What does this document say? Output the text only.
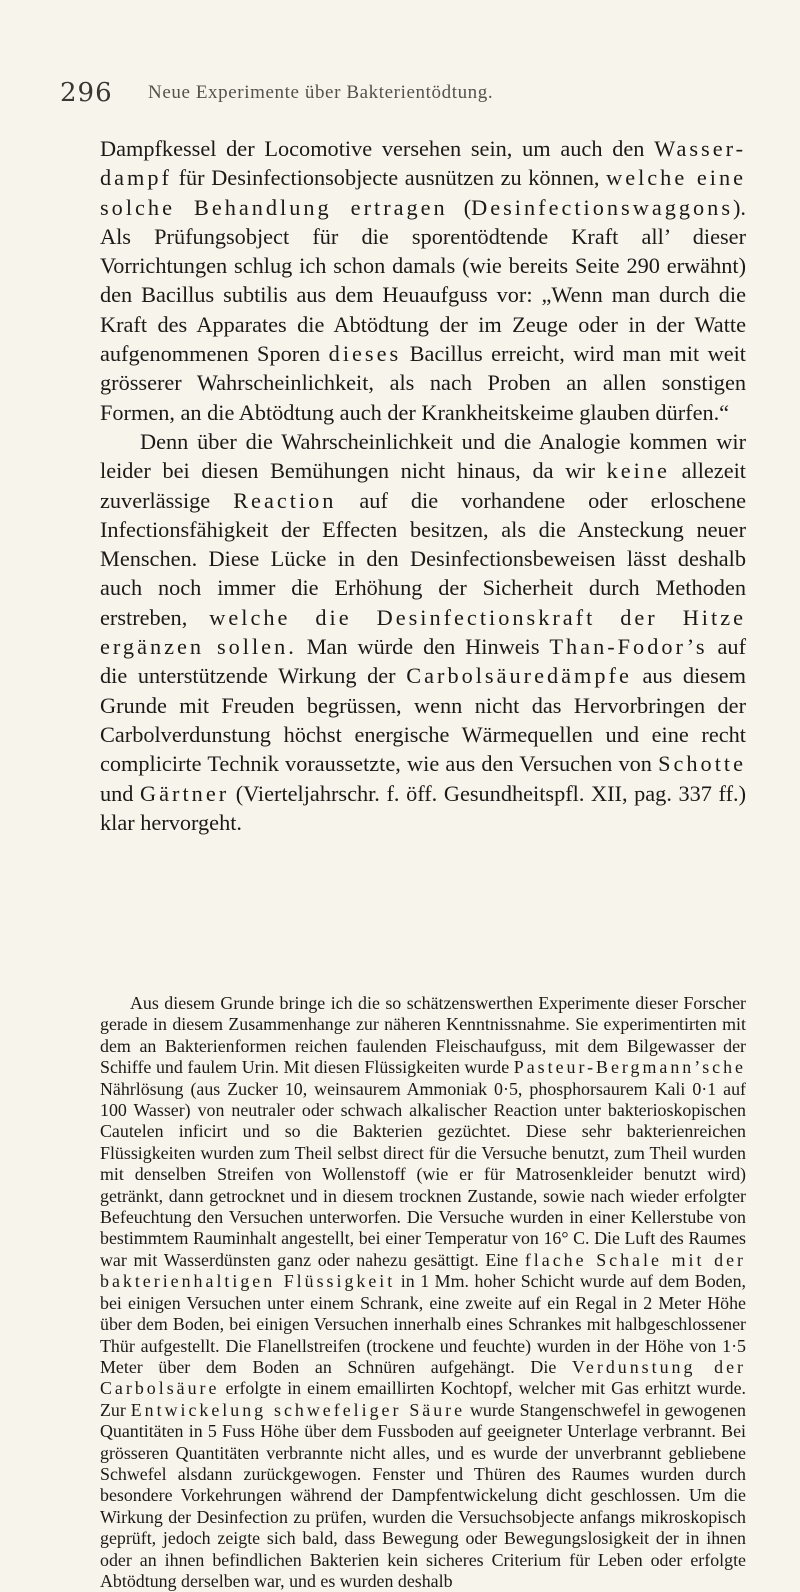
296 Neue Experimente über Bakterientödtung.

Dampfkessel der Locomotive versehen sein, um auch den Wasser-dampf für Desinfectionsobjecte ausnützen zu können, welche eine solche Behandlung ertragen (Desinfectionswaggons). Als Prüfungsobject für die sporentödtende Kraft all’ dieser Vorrichtungen schlug ich schon damals (wie bereits Seite 290 erwähnt) den Bacillus subtilis aus dem Heuaufguss vor: „Wenn man durch die Kraft des Apparates die Abtödtung der im Zeuge oder in der Watte aufgenommenen Sporen dieses Bacillus erreicht, wird man mit weit grösserer Wahrscheinlichkeit, als nach Proben an allen sonstigen Formen, an die Abtödtung auch der Krankheitskeime glauben dürfen.“

Denn über die Wahrscheinlichkeit und die Analogie kommen wir leider bei diesen Bemühungen nicht hinaus, da wir keine allezeit zuverlässige Reaction auf die vorhandene oder erloschene Infectionsfähigkeit der Effecten besitzen, als die Ansteckung neuer Menschen. Diese Lücke in den Desinfectionsbeweisen lässt deshalb auch noch immer die Erhöhung der Sicherheit durch Methoden erstreben, welche die Desinfectionskraft der Hitze ergänzen sollen. Man würde den Hinweis Than-Fodor’s auf die unterstützende Wirkung der Carbolsäuredämpfe aus diesem Grunde mit Freuden begrüssen, wenn nicht das Hervorbringen der Carbolverdunstung höchst energische Wärmequellen und eine recht complicirte Technik voraussetzte, wie aus den Versuchen von Schotte und Gärtner (Vierteljahrschr. f. öff. Gesundheitspfl. XII, pag. 337 ff.) klar hervorgeht.

Aus diesem Grunde bringe ich die so schätzenswerthen Experimente dieser Forscher gerade in diesem Zusammenhange zur näheren Kenntnissnahme. Sie experimentirten mit dem an Bakterienformen reichen faulenden Fleischaufguss, mit dem Bilgewasser der Schiffe und faulem Urin. Mit diesen Flüssigkeiten wurde Pasteur-Bergmann’sche Nährlösung (aus Zucker 10, weinsaurem Ammoniak 0·5, phosphorsaurem Kali 0·1 auf 100 Wasser) von neutraler oder schwach alkalischer Reaction unter bakterioskopischen Cautelen inficirt und so die Bakterien gezüchtet. Diese sehr bakterienreichen Flüssigkeiten wurden zum Theil selbst direct für die Versuche benutzt, zum Theil wurden mit denselben Streifen von Wollenstoff (wie er für Matrosenkleider benutzt wird) getränkt, dann getrocknet und in diesem trocknen Zustande, sowie nach wieder erfolgter Befeuchtung den Versuchen unterworfen. Die Versuche wurden in einer Kellerstube von bestimmtem Rauminhalt angestellt, bei einer Temperatur von 16° C. Die Luft des Raumes war mit Wasserdünsten ganz oder nahezu gesättigt. Eine flache Schale mit der bakterienhaltigen Flüssigkeit in 1 Mm. hoher Schicht wurde auf dem Boden, bei einigen Versuchen unter einem Schrank, eine zweite auf ein Regal in 2 Meter Höhe über dem Boden, bei einigen Versuchen innerhalb eines Schrankes mit halbgeschlossener Thür aufgestellt. Die Flanellstreifen (trockene und feuchte) wurden in der Höhe von 1·5 Meter über dem Boden an Schnüren aufgehängt. Die Verdunstung der Carbolsäure erfolgte in einem emaillirten Kochtopf, welcher mit Gas erhitzt wurde. Zur Entwickelung schwefeliger Säure wurde Stangenschwefel in gewogenen Quantitäten in 5 Fuss Höhe über dem Fussboden auf geeigneter Unterlage verbrannt. Bei grösseren Quantitäten verbrannte nicht alles, und es wurde der unverbrannt gebliebene Schwefel alsdann zurückgewogen. Fenster und Thüren des Raumes wurden durch besondere Vorkehrungen während der Dampfentwickelung dicht geschlossen. Um die Wirkung der Desinfection zu prüfen, wurden die Versuchsobjecte anfangs mikroskopisch geprüft, jedoch zeigte sich bald, dass Bewegung oder Bewegungslosigkeit der in ihnen oder an ihnen befindlichen Bakterien kein sicheres Criterium für Leben oder erfolgte Abtödtung derselben war, und es wurden deshalb
